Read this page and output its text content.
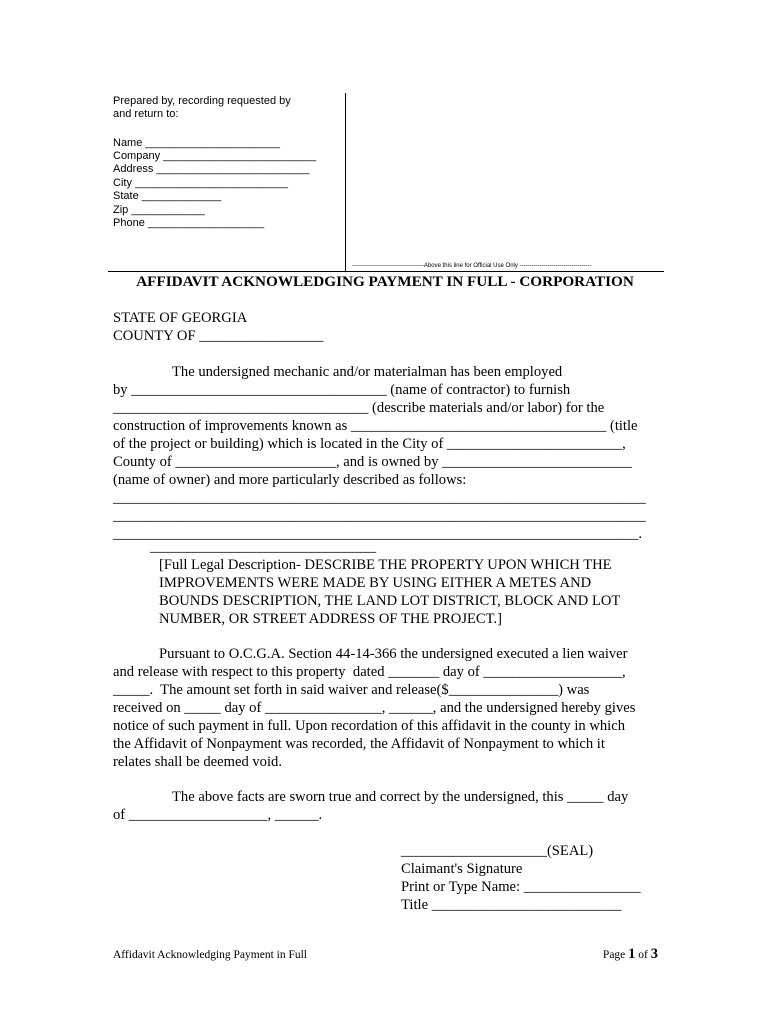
Prepared by, recording requested by
and return to:
Name ______________________
Company _________________________
Address _________________________
City _________________________
State _____________
Zip ____________
Phone ___________________
------------------------------------Above this line for Official Use Only ------------------------------------
AFFIDAVIT ACKNOWLEDGING PAYMENT IN FULL - CORPORATION
STATE OF GEORGIA
COUNTY OF _________________
The undersigned mechanic and/or materialman has been employed
by ___________________________________ (name of contractor) to furnish
___________________________________ (describe materials and/or labor) for the
construction of improvements known as ___________________________________ (title
of the project or building) which is located in the City of ________________________,
County of ______________________, and is owned by __________________________
(name of owner) and more particularly described as follows:
_________________________________________________________________________
_________________________________________________________________________
________________________________________________________________________.
_______________________________
[Full Legal Description- DESCRIBE THE PROPERTY UPON WHICH THE
IMPROVEMENTS WERE MADE BY USING EITHER A METES AND
BOUNDS DESCRIPTION, THE LAND LOT DISTRICT, BLOCK AND LOT
NUMBER, OR STREET ADDRESS OF THE PROJECT.]
Pursuant to O.C.G.A. Section 44-14-366 the undersigned executed a lien waiver
and release with respect to this property  dated _______ day of ___________________,
_____.  The amount set forth in said waiver and release($_______________) was
received on _____ day of ________________, ______, and the undersigned hereby gives
notice of such payment in full. Upon recordation of this affidavit in the county in which
the Affidavit of Nonpayment was recorded, the Affidavit of Nonpayment to which it
relates shall be deemed void.
The above facts are sworn true and correct by the undersigned, this _____ day
of ___________________, ______.
____________________(SEAL)
Claimant's Signature
Print or Type Name: ________________
Title __________________________
Affidavit Acknowledging Payment in Full	Page 1 of 3
